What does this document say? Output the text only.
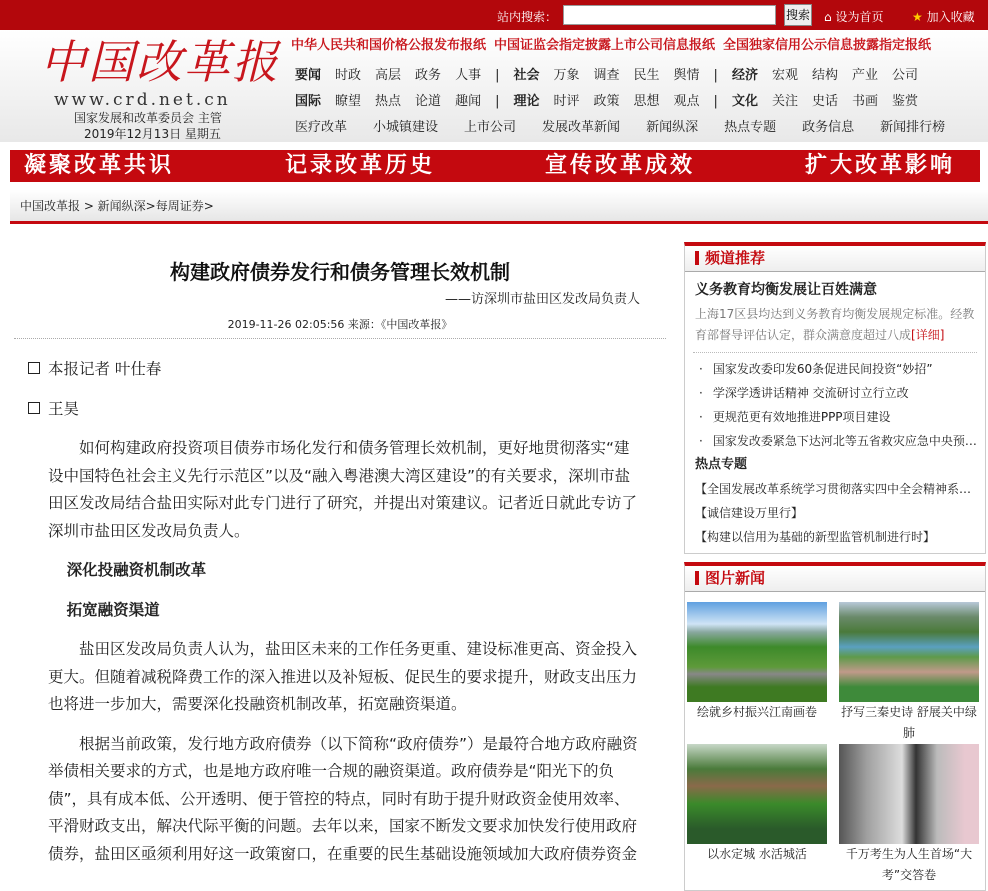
站内搜索：	搜索 ⌂ 设为首页 ★ 加入收藏
中国改革报
www.crd.net.cn
国家发展和改革委员会 主管
2019年12月13日 星期五
中华人民共和国价格公报发布报纸 中国证监会指定披露上市公司信息报纸 全国独家信用公示信息披露指定报纸
要闻 时政 高层 政务 人事 | 社会 万象 调查 民生 舆情 | 经济 宏观 结构 产业 公司
国际 瞭望 热点 论道 趣闻 | 理论 时评 政策 思想 观点 | 文化 关注 史话 书画 鉴赏
医疗改革 小城镇建设 上市公司 发展改革新闻 新闻纵深 热点专题 政务信息 新闻排行榜
凝聚改革共识	记录改革历史	宣传改革成效	扩大改革影响
中国改革报 > 新闻纵深>每周证券>
构建政府债券发行和债务管理长效机制
——访深圳市盐田区发改局负责人
2019-11-26 02:05:56 来源：《中国改革报》

本报记者 叶仕春

王昊

如何构建政府投资项目债券市场化发行和债务管理长效机制，更好地贯彻落实“建设中国特色社会主义先行示范区”以及“融入粤港澳大湾区建设”的有关要求，深圳市盐田区发改局结合盐田实际对此专门进行了研究，并提出对策建议。记者近日就此专访了深圳市盐田区发改局负责人。

深化投融资机制改革

拓宽融资渠道

盐田区发改局负责人认为，盐田区未来的工作任务更重、建设标准更高、资金投入更大。但随着减税降费工作的深入推进以及补短板、促民生的要求提升，财政支出压力也将进一步加大，需要深化投融资机制改革，拓宽融资渠道。

根据当前政策，发行地方政府债券（以下简称“政府债券”）是最符合地方政府融资举债相关要求的方式，也是地方政府唯一合规的融资渠道。政府债券是“阳光下的负债”，具有成本低、公开透明、便于管控的特点，同时有助于提升财政资金使用效率、平滑财政支出，解决代际平衡的问题。去年以来，国家不断发文要求加快发行使用政府债券，盐田区亟须利用好这一政策窗口，在重要的民生基础设施领域加大政府债券资金

频道推荐
义务教育均衡发展让百姓满意

上海17区县均达到义务教育均衡发展规定标准。经教育部督导评估认定，群众满意度超过八成[详细]

· 国家发改委印发60条促进民间投资“妙招”
· 学深学透讲话精神 交流研讨立行立改
· 更规范更有效地推进PPP项目建设
· 国家发改委紧急下达河北等五省救灾应急中央预…
热点专题
【全国发展改革系统学习贯彻落实四中全会精神系…
【诚信建设万里行】
【构建以信用为基础的新型监管机制进行时】
图片新闻
绘就乡村振兴江南画卷	抒写三秦史诗 舒展关中绿肺
以水定城 水活城活	千万考生为人生首场“大考”交答卷
